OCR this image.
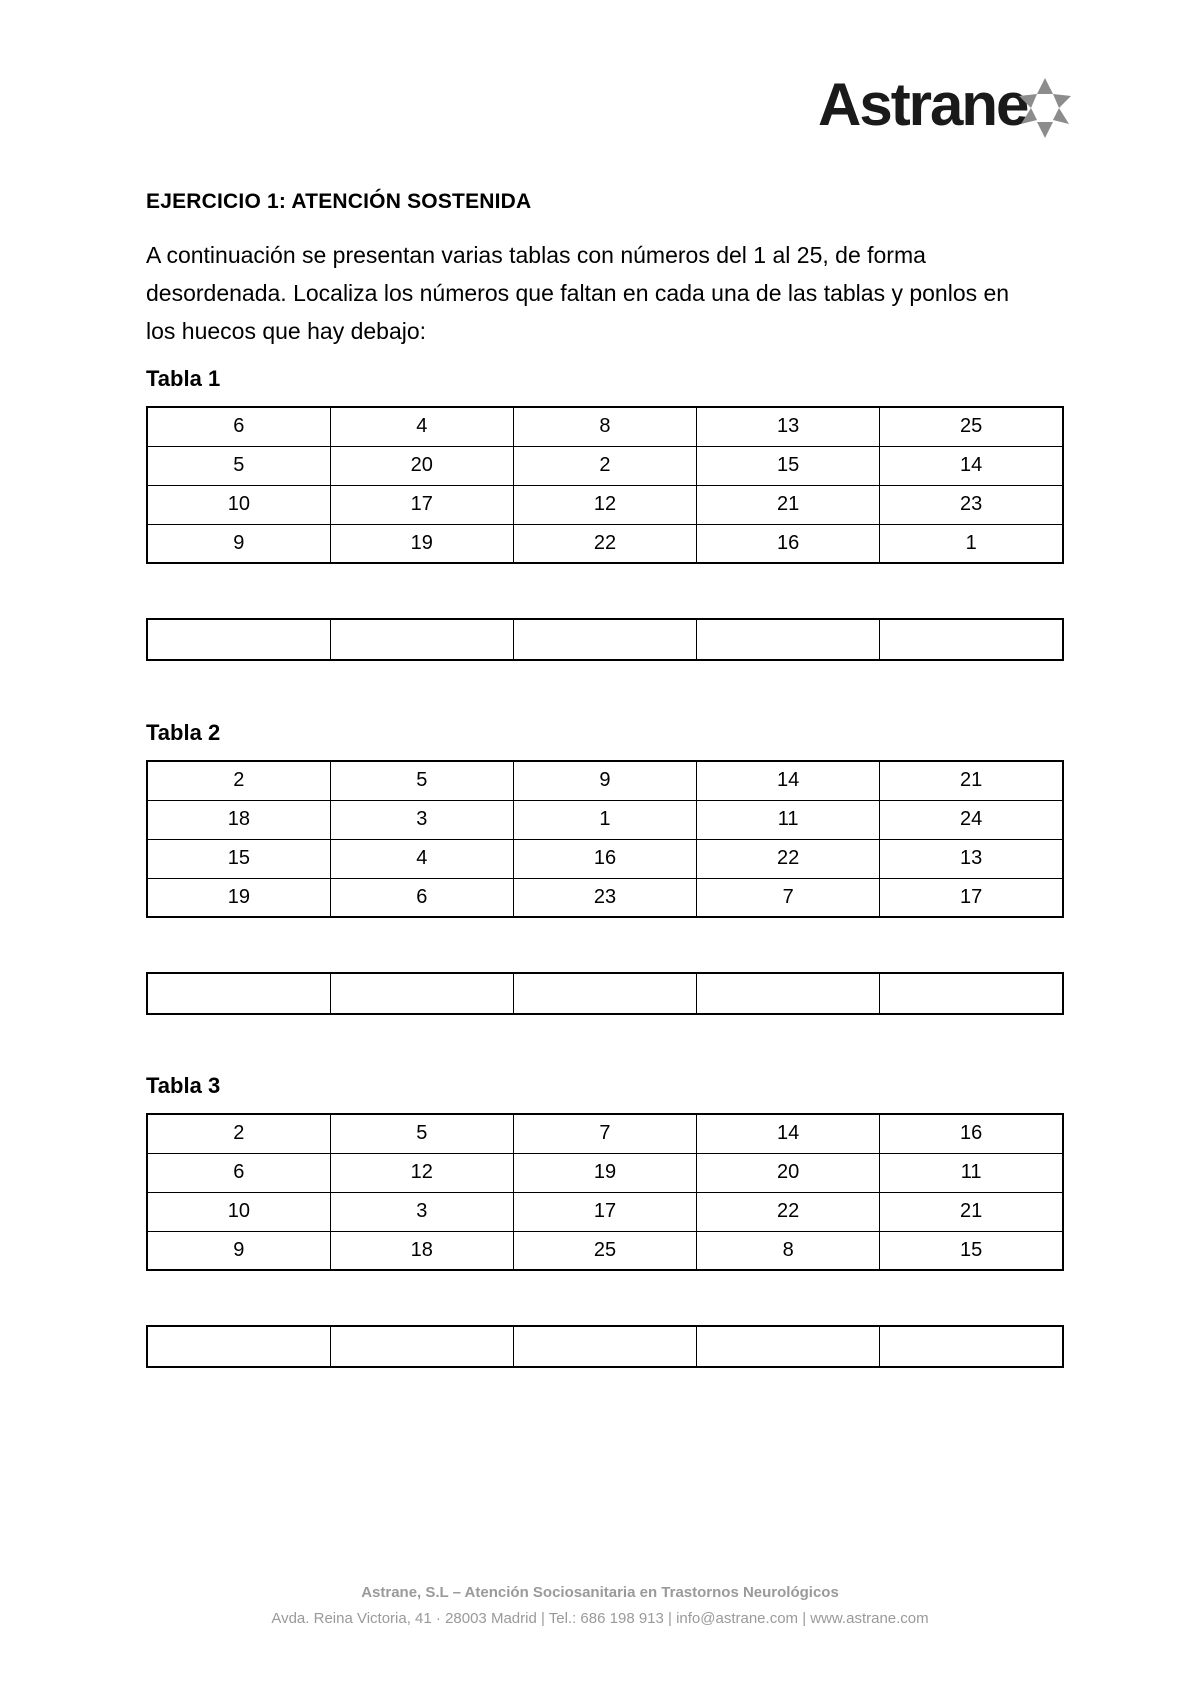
Astrane
EJERCICIO 1: ATENCIÓN SOSTENIDA

A continuación se presentan varias tablas con números del 1 al 25, de forma

desordenada. Localiza los números que faltan en cada una de las tablas y ponlos en

los huecos que hay debajo:

Tabla 1
6	4	8	13	25
5	20	2	15	14
10	17	12	21	23
9	19	22	16	1

Tabla 2
2	5	9	14	21
18	3	1	11	24
15	4	16	22	13
19	6	23	7	17

Tabla 3
2	5	7	14	16
6	12	19	20	11
10	3	17	22	21
9	18	25	8	15

Astrane, S.L – Atención Sociosanitaria en Trastornos Neurológicos
Avda. Reina Victoria, 41 · 28003 Madrid | Tel.: 686 198 913 | info@astrane.com | www.astrane.com
